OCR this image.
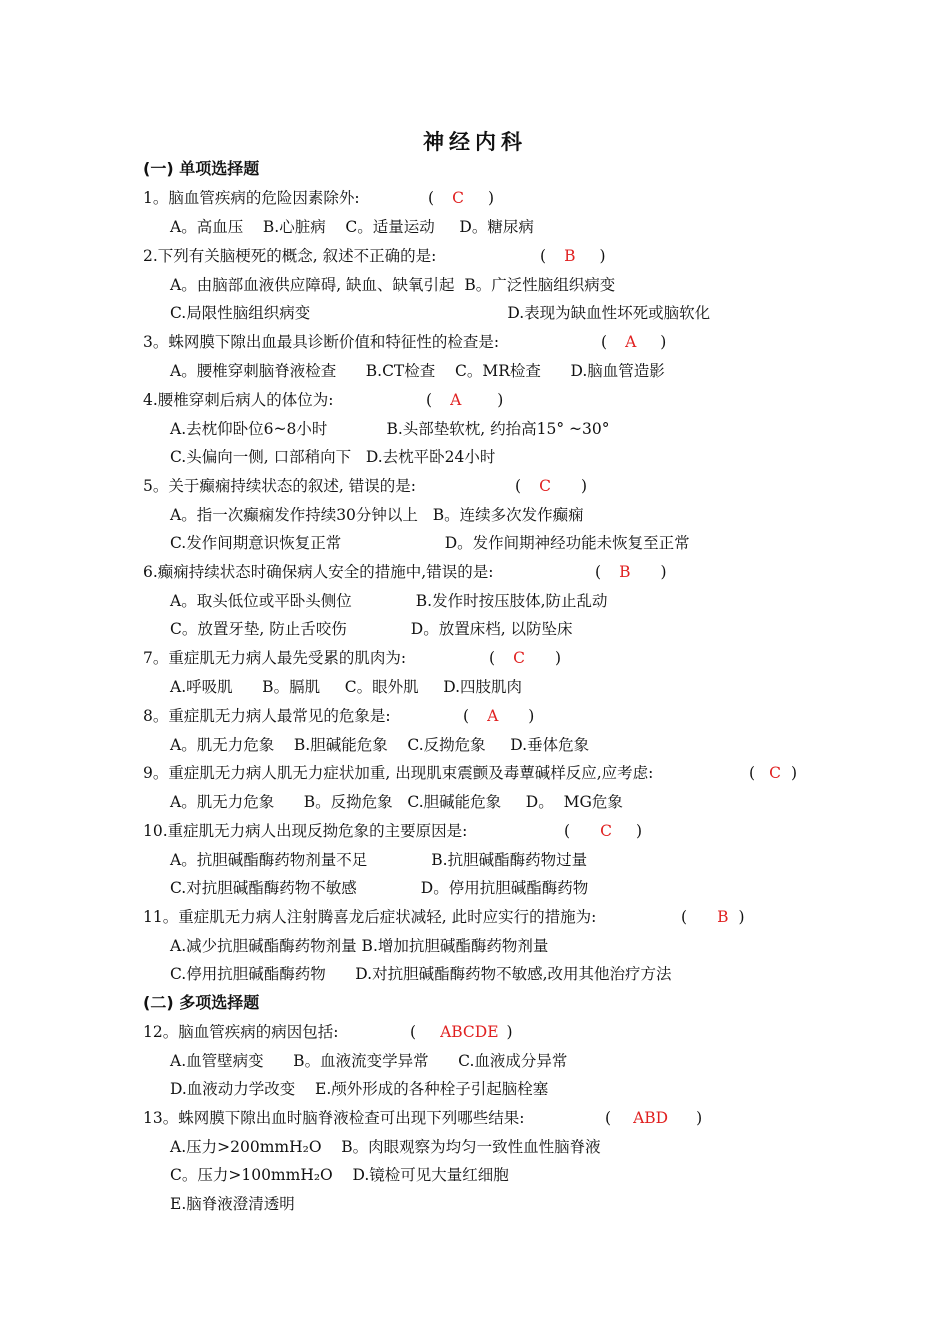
神经内科
(一) 单项选择题
1。脑血管疾病的危险因素除外:	( C )
A。高血压    B.心脏病    C。适量运动     D。糖尿病
2.下列有关脑梗死的概念, 叙述不正确的是:	( B )
A。由脑部血液供应障碍, 缺血、缺氧引起  B。广泛性脑组织病变
C.局限性脑组织病变                                        D.表现为缺血性坏死或脑软化
3。蛛网膜下隙出血最具诊断价值和特征性的检查是:	( A )
A。腰椎穿刺脑脊液检查      B.CT检查    C。MR检查      D.脑血管造影
4.腰椎穿刺后病人的体位为:	( A )
A.去枕仰卧位6~8小时            B.头部垫软枕, 约抬高15° ~30°
C.头偏向一侧, 口部稍向下   D.去枕平卧24小时
5。关于癫痫持续状态的叙述, 错误的是:	( C )
A。指一次癫痫发作持续30分钟以上   B。连续多次发作癫痫
C.发作间期意识恢复正常                     D。发作间期神经功能未恢复至正常
6.癫痫持续状态时确保病人安全的措施中,错误的是:	( B )
A。取头低位或平卧头侧位             B.发作时按压肢体,防止乱动
C。放置牙垫, 防止舌咬伤             D。放置床档, 以防坠床
7。重症肌无力病人最先受累的肌肉为:	( C )
A.呼吸肌      B。膈肌     C。眼外肌     D.四肢肌肉
8。重症肌无力病人最常见的危象是:	( A )
A。肌无力危象    B.胆碱能危象    C.反拗危象     D.垂体危象
9。重症肌无力病人肌无力症状加重, 出现肌束震颤及毒蕈碱样反应,应考虑:	( C )
A。肌无力危象      B。反拗危象   C.胆碱能危象     D。  MG危象
10.重症肌无力病人出现反拗危象的主要原因是:	( C )
A。抗胆碱酯酶药物剂量不足             B.抗胆碱酯酶药物过量
C.对抗胆碱酯酶药物不敏感             D。停用抗胆碱酯酶药物
11。重症肌无力病人注射腾喜龙后症状减轻, 此时应实行的措施为:	( B )
A.减少抗胆碱酯酶药物剂量 B.增加抗胆碱酯酶药物剂量
C.停用抗胆碱酯酶药物      D.对抗胆碱酯酶药物不敏感,改用其他治疗方法
(二) 多项选择题
12。脑血管疾病的病因包括:	( ABCDE )
A.血管壁病变      B。血液流变学异常      C.血液成分异常
D.血液动力学改变    E.颅外形成的各种栓子引起脑栓塞
13。蛛网膜下隙出血时脑脊液检查可出现下列哪些结果:	( ABD )
A.压力>200mmH₂O    B。肉眼观察为均匀一致性血性脑脊液
C。压力>100mmH₂O    D.镜检可见大量红细胞
E.脑脊液澄清透明
